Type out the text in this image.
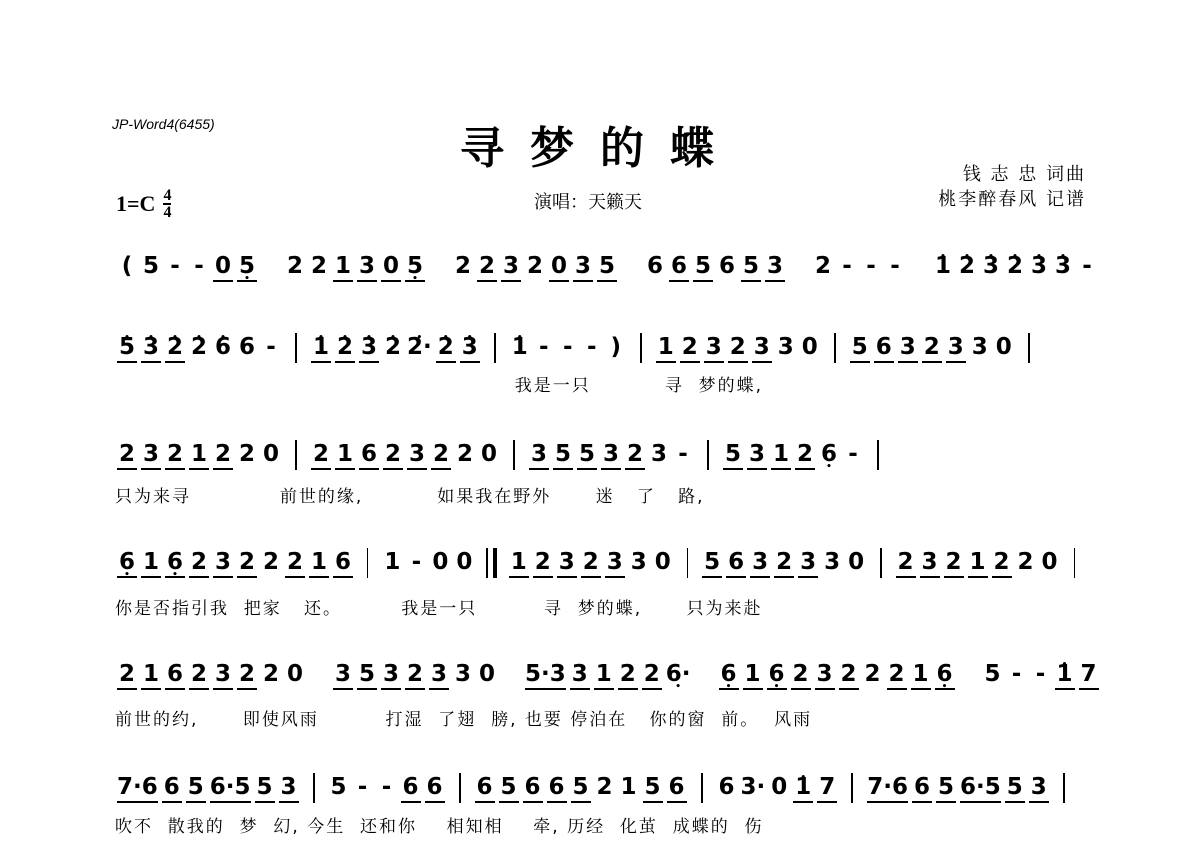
JP-Word4(6455)	寻梦的蝶
$1=C \frac{4}{4}$	演唱：天籁天
钱 志 忠 词曲
桃李醉春风 记谱
( 5 - - 0 5 • 2 2 1 3 0 5 • 2 2 3 2 0 3 5 6 6 5 6 5 3 2 - - - • 1 • 2 • 3 • 2 • 3 • 3 -
• 5 • 3 • 2 • 2 • 6 6 - • 1 • 2 • 3 • 2 • 2· • 2 • 3 • 1 - - - ) 1 2 3 2 3 3 0 5 6 3 2 3 3 0
我是一只          寻  梦的蝶,
2 3 2 1 2 2 0 2 1 6 2 3 2 2 0 3 5 5 3 2 3 - 5 3 1 2 6 • -
只为来寻            前世的缘,          如果我在野外      迷   了   路,
6 • 1 6 • 2 3 2 2 2 1 6 1 - 0 0 1 2 3 2 3 3 0 5 6 3 2 3 3 0 2 3 2 1 2 2 0
你是否指引我  把家   还。        我是一只         寻  梦的蝶,      只为来赴
2 1 6 2 3 2 2 0 3 5 3 2 3 3 0 5·3 3 1 2 2 6· • 6 • 1 6 • 2 3 2 2 2 1 6 • 5 - - • 1 7
前世的约,      即使风雨         打湿  了翅  膀, 也要 停泊在   你的窗  前。  风雨
7·6 6 5 6·5 5 3 5 - - 6 6 6 5 6 6 5 2 1 5 6 6 3· 0 • 1 7 7·6 6 5 6·5 5 3
吹不  散我的  梦  幻, 今生  还和你    相知相    牵, 历经  化茧  成蝶的  伤
